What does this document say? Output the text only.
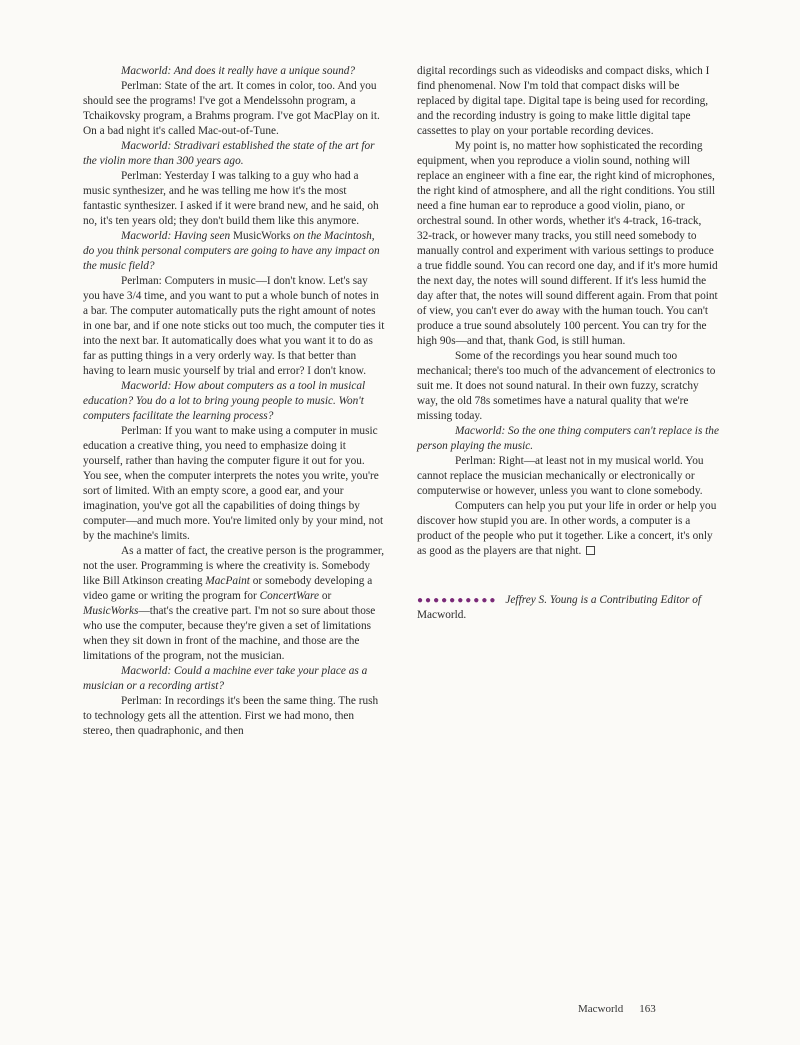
Macworld: And does it really have a unique sound?

Perlman: State of the art. It comes in color, too. And you should see the programs! I've got a Mendelssohn program, a Tchaikovsky program, a Brahms program. I've got MacPlay on it. On a bad night it's called Mac-out-of-Tune.

Macworld: Stradivari established the state of the art for the violin more than 300 years ago.

Perlman: Yesterday I was talking to a guy who had a music synthesizer, and he was telling me how it's the most fantastic synthesizer. I asked if it were brand new, and he said, oh no, it's ten years old; they don't build them like this anymore.

Macworld: Having seen MusicWorks on the Macintosh, do you think personal computers are going to have any impact on the music field?

Perlman: Computers in music—I don't know. Let's say you have 3/4 time, and you want to put a whole bunch of notes in a bar. The computer automatically puts the right amount of notes in one bar, and if one note sticks out too much, the computer ties it into the next bar. It automatically does what you want it to do as far as putting things in a very orderly way. Is that better than having to learn music yourself by trial and error? I don't know.

Macworld: How about computers as a tool in musical education? You do a lot to bring young people to music. Won't computers facilitate the learning process?

Perlman: If you want to make using a computer in music education a creative thing, you need to emphasize doing it yourself, rather than having the computer figure it out for you. You see, when the computer interprets the notes you write, you're sort of limited. With an empty score, a good ear, and your imagination, you've got all the capabilities of doing things by computer—and much more. You're limited only by your mind, not by the machine's limits.

As a matter of fact, the creative person is the programmer, not the user. Programming is where the creativity is. Somebody like Bill Atkinson creating MacPaint or somebody developing a video game or writing the program for ConcertWare or MusicWorks—that's the creative part. I'm not so sure about those who use the computer, because they're given a set of limitations when they sit down in front of the machine, and those are the limitations of the program, not the musician.

Macworld: Could a machine ever take your place as a musician or a recording artist?

Perlman: In recordings it's been the same thing. The rush to technology gets all the attention. First we had mono, then stereo, then quadraphonic, and then

digital recordings such as videodisks and compact disks, which I find phenomenal. Now I'm told that compact disks will be replaced by digital tape. Digital tape is being used for recording, and the recording industry is going to make little digital tape cassettes to play on your portable recording devices.

My point is, no matter how sophisticated the recording equipment, when you reproduce a violin sound, nothing will replace an engineer with a fine ear, the right kind of microphones, the right kind of atmosphere, and all the right conditions. You still need a fine human ear to reproduce a good violin, piano, or orchestral sound. In other words, whether it's 4-track, 16-track, 32-track, or however many tracks, you still need somebody to manually control and experiment with various settings to produce a true fiddle sound. You can record one day, and if it's more humid the next day, the notes will sound different. If it's less humid the day after that, the notes will sound different again. From that point of view, you can't ever do away with the human touch. You can't produce a true sound absolutely 100 percent. You can try for the high 90s—and that, thank God, is still human.

Some of the recordings you hear sound much too mechanical; there's too much of the advancement of electronics to suit me. It does not sound natural. In their own fuzzy, scratchy way, the old 78s sometimes have a natural quality that we're missing today.

Macworld: So the one thing computers can't replace is the person playing the music.

Perlman: Right—at least not in my musical world. You cannot replace the musician mechanically or electronically or computerwise or however, unless you want to clone somebody.

Computers can help you put your life in order or help you discover how stupid you are. In other words, a computer is a product of the people who put it together. Like a concert, it's only as good as the players are that night.

●●●●●●●●●● Jeffrey S. Young is a Contributing Editor of Macworld.

Macworld 163
